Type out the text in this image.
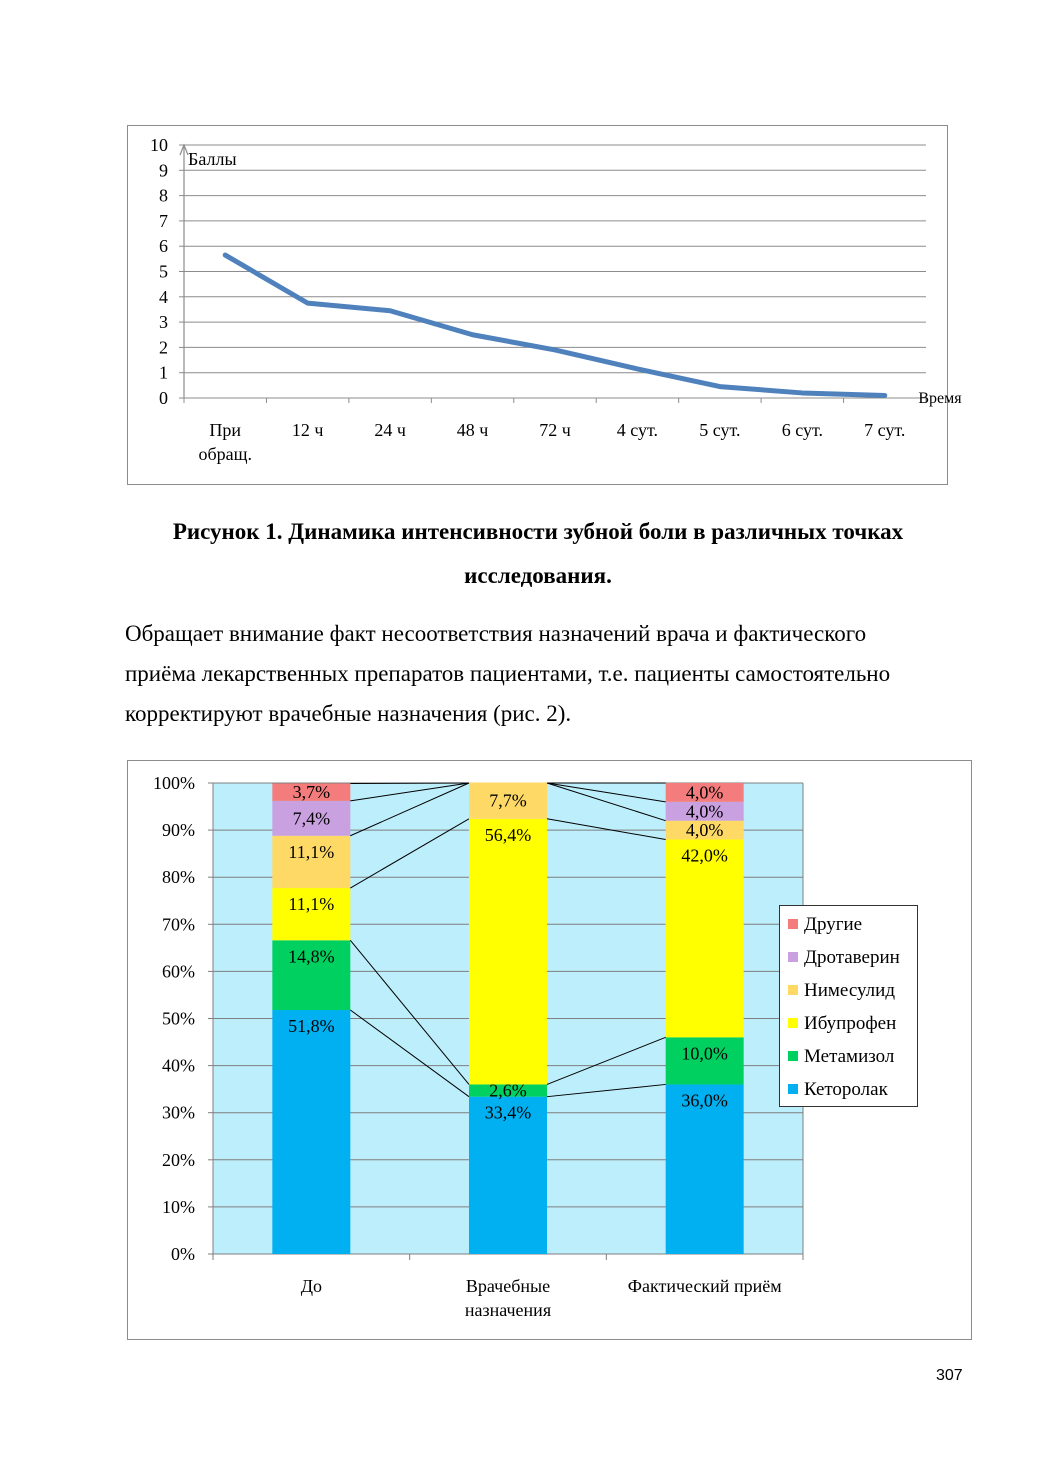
0
1
2
3
4
5
6
7
8
9
10
Баллы
Время
При
обращ.
12 ч	24 ч	48 ч	72 ч	4 сут. 5 сут. 6 сут. 7 сут.
Рисунок 1. Динамика интенсивности зубной боли в различных точках
исследования.
Обращает внимание факт несоответствия назначений врача и фактического
приёма лекарственных препаратов пациентами, т.е. пациенты самостоятельно
корректируют врачебные назначения (рис. 2).
0%
10%
20%
30%
40%
50%
60%
70%
80%
90%
100%
51,8%
14,8%
11,1%
11,1%
7,4%
3,7%
33,4%
2,6%
56,4%
7,7%
36,0%
10,0%
42,0%
4,0%
4,0%
4,0%
До	Врачебные
назначения
Фактический приём
Другие
Дротаверин
Нимесулид
Ибупрофен
Метамизол
Кеторолак
307
